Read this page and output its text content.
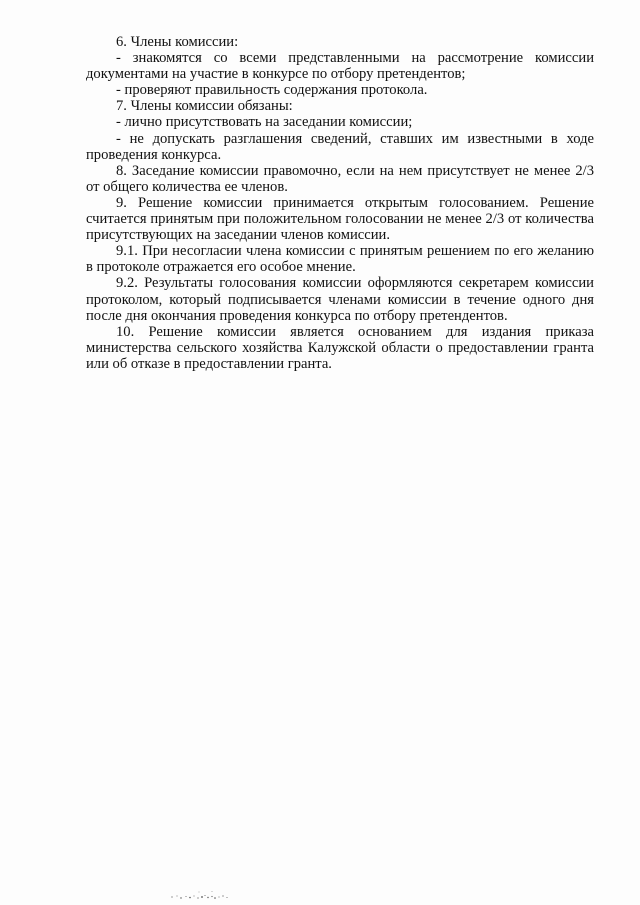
6. Члены комиссии:

- знакомятся со всеми представленными на рассмотрение комиссии документами на участие в конкурсе по отбору претендентов;

- проверяют правильность содержания протокола.

7. Члены комиссии обязаны:

- лично присутствовать на заседании комиссии;

- не допускать разглашения сведений, ставших им известными в ходе проведения конкурса.

8. Заседание комиссии правомочно, если на нем присутствует не менее 2/3 от общего количества ее членов.

9. Решение комиссии принимается открытым голосованием. Решение считается принятым при положительном голосовании не менее 2/3 от количества присутствующих на заседании членов комиссии.

9.1. При несогласии члена комиссии с принятым решением по его желанию в протоколе отражается его особое мнение.

9.2. Результаты голосования комиссии оформляются секретарем комиссии протоколом, который подписывается членами комиссии в течение одного дня после дня окончания проведения конкурса по отбору претендентов.

10. Решение комиссии является основанием для издания приказа министерства сельского хозяйства Калужской области о предоставлении гранта или об отказе в предоставлении гранта.
